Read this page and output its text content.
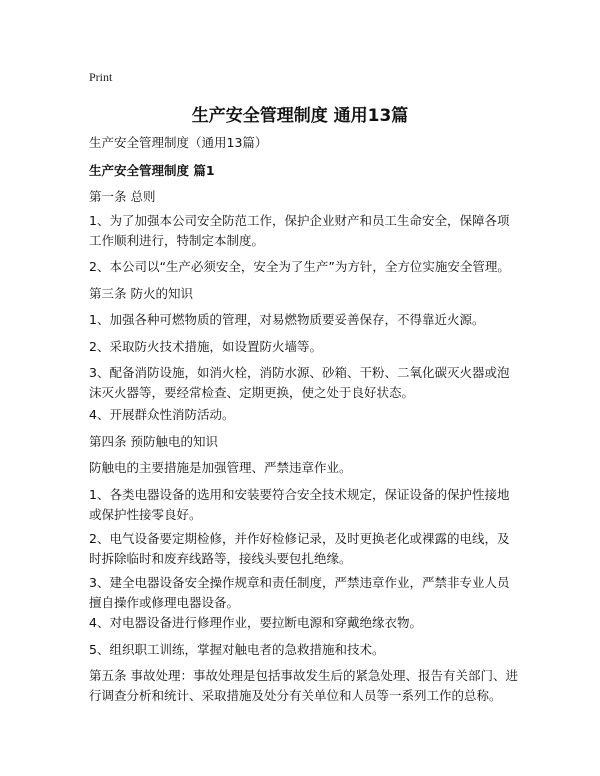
Print
生产安全管理制度 通用13篇

生产安全管理制度（通用13篇）

生产安全管理制度 篇1

第一条 总则

1、为了加强本公司安全防范工作，保护企业财产和员工生命安全，保障各项工作顺利进行，特制定本制度。

2、本公司以“生产必须安全，安全为了生产”为方针，全方位实施安全管理。

第三条 防火的知识

1、加强各种可燃物质的管理，对易燃物质要妥善保存，不得靠近火源。

2、采取防火技术措施，如设置防火墙等。

3、配备消防设施，如消火栓，消防水源、砂箱、干粉、二氧化碳灭火器或泡沫灭火器等，要经常检查、定期更换，使之处于良好状态。

4、开展群众性消防活动。

第四条 预防触电的知识

防触电的主要措施是加强管理、严禁违章作业。

1、各类电器设备的选用和安装要符合安全技术规定，保证设备的保护性接地或保护性接零良好。

2、电气设备要定期检修，并作好检修记录，及时更换老化或裸露的电线，及时拆除临时和废弃线路等，接线头要包扎绝缘。

3、建全电器设备安全操作规章和责任制度，严禁违章作业，严禁非专业人员擅自操作或修理电器设备。

4、对电器设备进行修理作业，要拉断电源和穿戴绝缘衣物。

5、组织职工训练，掌握对触电者的急救措施和技术。

第五条 事故处理：事故处理是包括事故发生后的紧急处理、报告有关部门、进行调查分析和统计、采取措施及处分有关单位和人员等一系列工作的总称。
